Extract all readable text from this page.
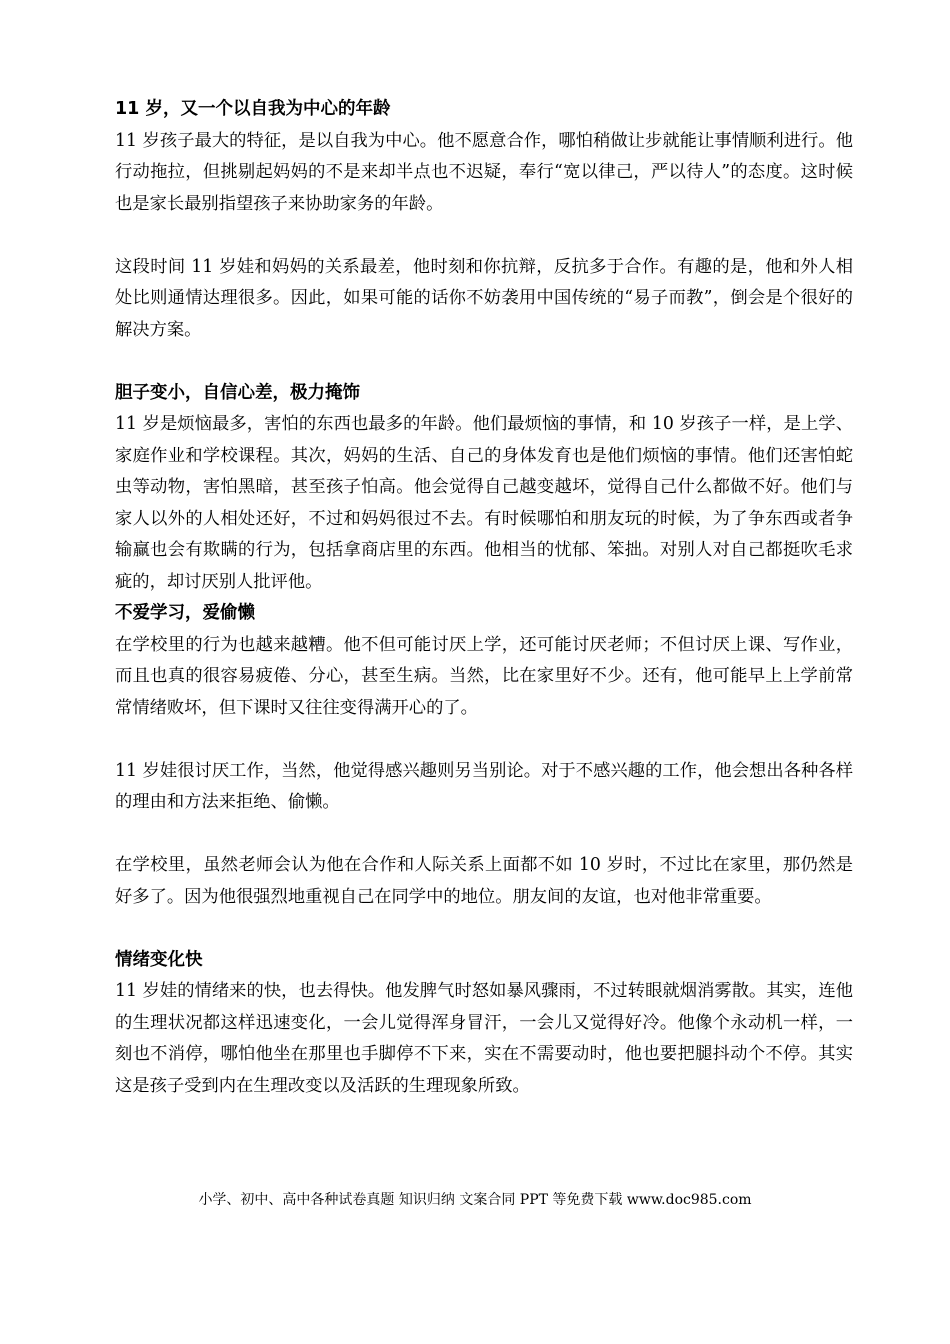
11 岁，又一个以自我为中心的年龄

11 岁孩子最大的特征，是以自我为中心。他不愿意合作，哪怕稍做让步就能让事情顺利进行。他行动拖拉，但挑剔起妈妈的不是来却半点也不迟疑，奉行“宽以律己，严以待人”的态度。这时候也是家长最别指望孩子来协助家务的年龄。

这段时间 11 岁娃和妈妈的关系最差，他时刻和你抗辩，反抗多于合作。有趣的是，他和外人相处比则通情达理很多。因此，如果可能的话你不妨袭用中国传统的“易子而教”，倒会是个很好的解决方案。

胆子变小，自信心差，极力掩饰

11 岁是烦恼最多，害怕的东西也最多的年龄。他们最烦恼的事情，和 10 岁孩子一样，是上学、家庭作业和学校课程。其次，妈妈的生活、自己的身体发育也是他们烦恼的事情。他们还害怕蛇虫等动物，害怕黑暗，甚至孩子怕高。他会觉得自己越变越坏，觉得自己什么都做不好。他们与家人以外的人相处还好，不过和妈妈很过不去。有时候哪怕和朋友玩的时候，为了争东西或者争输赢也会有欺瞒的行为，包括拿商店里的东西。他相当的忧郁、笨拙。对别人对自己都挺吹毛求疵的，却讨厌别人批评他。

不爱学习，爱偷懒

在学校里的行为也越来越糟。他不但可能讨厌上学，还可能讨厌老师；不但讨厌上课、写作业，而且也真的很容易疲倦、分心，甚至生病。当然，比在家里好不少。还有，他可能早上上学前常常情绪败坏，但下课时又往往变得满开心的了。

11 岁娃很讨厌工作，当然，他觉得感兴趣则另当别论。对于不感兴趣的工作，他会想出各种各样的理由和方法来拒绝、偷懒。

在学校里，虽然老师会认为他在合作和人际关系上面都不如 10 岁时，不过比在家里，那仍然是好多了。因为他很强烈地重视自己在同学中的地位。朋友间的友谊，也对他非常重要。

情绪变化快

11 岁娃的情绪来的快，也去得快。他发脾气时怒如暴风骤雨，不过转眼就烟消雾散。其实，连他的生理状况都这样迅速变化，一会儿觉得浑身冒汗，一会儿又觉得好冷。他像个永动机一样，一刻也不消停，哪怕他坐在那里也手脚停不下来，实在不需要动时，他也要把腿抖动个不停。其实这是孩子受到内在生理改变以及活跃的生理现象所致。

小学、初中、高中各种试卷真题 知识归纳 文案合同 PPT 等免费下载 www.doc985.com
